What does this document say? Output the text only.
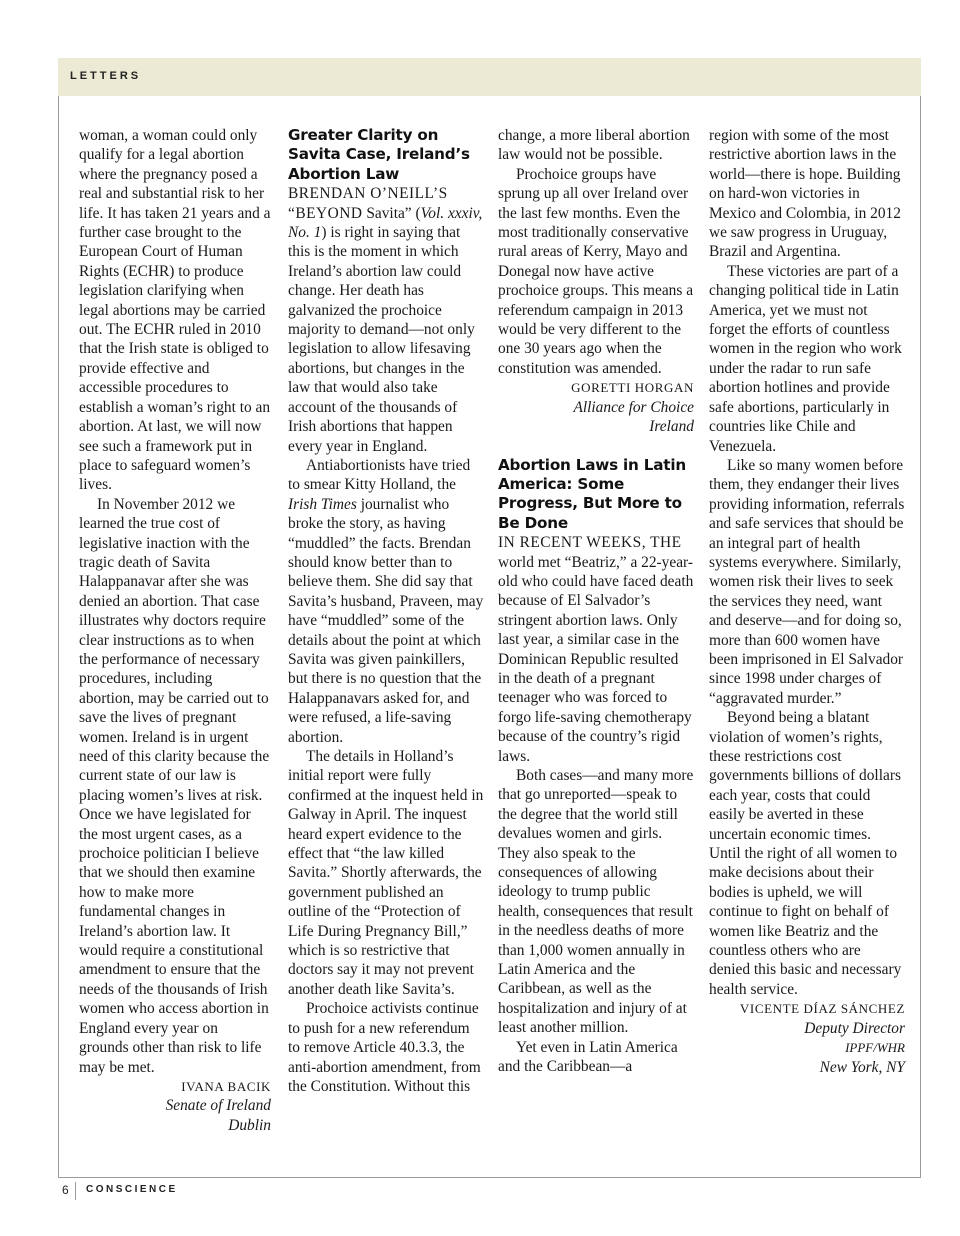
LETTERS

woman, a woman could only qualify for a legal abortion where the pregnancy posed a real and substantial risk to her life. It has taken 21 years and a further case brought to the European Court of Human Rights (ECHR) to produce legislation clarifying when legal abortions may be carried out. The ECHR ruled in 2010 that the Irish state is obliged to provide effective and accessible procedures to establish a woman’s right to an abortion. At last, we will now see such a framework put in place to safeguard women’s lives.

In November 2012 we learned the true cost of legislative inaction with the tragic death of Savita Halappanavar after she was denied an abortion. That case illustrates why doctors require clear instructions as to when the performance of necessary procedures, including abortion, may be carried out to save the lives of pregnant women. Ireland is in urgent need of this clarity because the current state of our law is placing women’s lives at risk. Once we have legislated for the most urgent cases, as a prochoice politician I believe that we should then examine how to make more fundamental changes in Ireland’s abortion law. It would require a constitutional amendment to ensure that the needs of the thousands of Irish women who access abortion in England every year on grounds other than risk to life may be met.

IVANA BACIK
Senate of Ireland
Dublin
Greater Clarity on Savita Case, Ireland’s Abortion Law

BRENDAN O’NEILL’S “BEYOND Savita” (Vol. xxxiv, No. 1) is right in saying that this is the moment in which Ireland’s abortion law could change. Her death has galvanized the prochoice majority to demand—not only legislation to allow lifesaving abortions, but changes in the law that would also take account of the thousands of Irish abortions that happen every year in England.

Antiabortionists have tried to smear Kitty Holland, the Irish Times journalist who broke the story, as having “muddled” the facts. Brendan should know better than to believe them. She did say that Savita’s husband, Praveen, may have “muddled” some of the details about the point at which Savita was given painkillers, but there is no question that the Halappanavars asked for, and were refused, a life-saving abortion.

The details in Holland’s initial report were fully confirmed at the inquest held in Galway in April. The inquest heard expert evidence to the effect that “the law killed Savita.” Shortly afterwards, the government published an outline of the “Protection of Life During Pregnancy Bill,” which is so restrictive that doctors say it may not prevent another death like Savita’s.

Prochoice activists continue to push for a new referendum to remove Article 40.3.3, the anti-abortion amendment, from the Constitution. Without this

change, a more liberal abortion law would not be possible.

Prochoice groups have sprung up all over Ireland over the last few months. Even the most traditionally conservative rural areas of Kerry, Mayo and Donegal now have active prochoice groups. This means a referendum campaign in 2013 would be very different to the one 30 years ago when the constitution was amended.

GORETTI HORGAN
Alliance for Choice
Ireland
Abortion Laws in Latin America: Some Progress, But More to Be Done

IN RECENT WEEKS, THE world met “Beatriz,” a 22-year-old who could have faced death because of El Salvador’s stringent abortion laws. Only last year, a similar case in the Dominican Republic resulted in the death of a pregnant teenager who was forced to forgo life-saving chemotherapy because of the country’s rigid laws.

Both cases—and many more that go unreported—speak to the degree that the world still devalues women and girls. They also speak to the consequences of allowing ideology to trump public health, consequences that result in the needless deaths of more than 1,000 women annually in Latin America and the Caribbean, as well as the hospitalization and injury of at least another million.

Yet even in Latin America and the Caribbean—a

region with some of the most restrictive abortion laws in the world—there is hope. Building on hard-won victories in Mexico and Colombia, in 2012 we saw progress in Uruguay, Brazil and Argentina.

These victories are part of a changing political tide in Latin America, yet we must not forget the efforts of countless women in the region who work under the radar to run safe abortion hotlines and provide safe abortions, particularly in countries like Chile and Venezuela.

Like so many women before them, they endanger their lives providing information, referrals and safe services that should be an integral part of health systems everywhere. Similarly, women risk their lives to seek the services they need, want and deserve—and for doing so, more than 600 women have been imprisoned in El Salvador since 1998 under charges of “aggravated murder.”

Beyond being a blatant violation of women’s rights, these restrictions cost governments billions of dollars each year, costs that could easily be averted in these uncertain economic times. Until the right of all women to make decisions about their bodies is upheld, we will continue to fight on behalf of women like Beatriz and the countless others who are denied this basic and necessary health service.

VICENTE DÍAZ SÁNCHEZ
Deputy Director
IPPF/WHR
New York, NY
6 CONSCIENCE
